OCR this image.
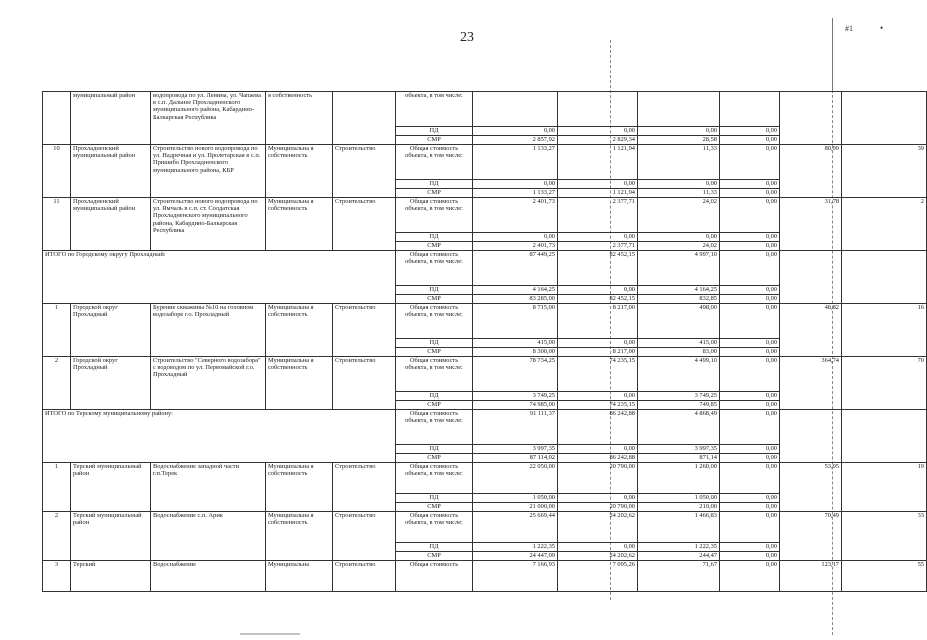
23
#1	•
	муниципальный район	водопровода по ул. Ленина, ул. Чапаева в с.п. Дальнее Прохладненского муниципального района, Кабардино-Балкарская Республика	я собственность		объекта, в том числе:						
					ПД	0,00	0,00	0,00	0,00		
					СМР	2 857,92	2 829,34	28,58	0,00		
10	Прохладненский муниципальный район	Строительство нового водопровода по ул. Надречная и ул. Пролетарская в с.п. Пришибо Прохладненского муниципального района, КБР	Муниципальна я собственность	Строительство	Общая стоимость объекта, в том числе:	1 133,27	1 121,94	11,33	0,00	80,99	39
					ПД	0,00	0,00	0,00	0,00		
					СМР	1 133,27	1 121,94	11,33	0,00		
11	Прохладненский муниципальный район	Строительство нового водопровода по ул. Ямчаль в с.п. ст. Солдатская Прохладненского муниципального района, Кабардино-Балкарская Республика	Муниципальна я собственность	Строительство	Общая стоимость объекта, в том числе:	2 401,73	2 377,71	24,02	0,00	31,78	2
					ПД	0,00	0,00	0,00	0,00		
					СМР	2 401,73	2 377,71	24,02	0,00		
ИТОГО по Городскому округу Прохладный:					Общая стоимость объекта, в том числе:	87 449,25	82 452,15	4 997,10	0,00		
					ПД	4 164,25	0,00	4 164,25	0,00		
					СМР	83 285,00	82 452,15	832,85	0,00		
1	Городской округ Прохладный	Бурение скважины №10 на головном водозаборе г.о. Прохладный	Муниципальна я собственность	Строительство	Общая стоимость объекта, в том числе:	8 715,00	8 217,00	498,00	0,00	48,82	16
					ПД	415,00	0,00	415,00	0,00		
					СМР	8 300,00	8 217,00	83,00	0,00		
2	Городской округ Прохладный	Строительство "Северного водозабора" с водоводом по ул. Первомайской г.о. Прохладный	Муниципальна я собственность	Строительство	Общая стоимость объекта, в том числе:	78 734,25	74 235,15	4 499,10	0,00	364,74	70
					ПД	3 749,25	0,00	3 749,25	0,00		
					СМР	74 985,00	74 235,15	749,85	0,00		
ИТОГО по Терскому муниципальному району:					Общая стоимость объекта, в том числе:	91 111,37	86 242,88	4 868,49	0,00		
					ПД	3 997,35	0,00	3 997,35	0,00		
					СМР	87 114,02	86 242,88	871,14	0,00		
1	Терский муниципальный район	Водоснабжение западной части г.п.Терек	Муниципальна я собственность	Строительство	Общая стоимость объекта, в том числе:	22 050,00	20 790,00	1 260,00	0,00	53,95	19
					ПД	1 050,00	0,00	1 050,00	0,00		
					СМР	21 000,00	20 790,00	210,00	0,00		
2	Терский муниципальный район	Водоснабжение с.п. Арик	Муниципальна я собственность	Строительство	Общая стоимость объекта, в том числе:	25 669,44	24 202,62	1 466,83	0,00	70,49	33
					ПД	1 222,35	0,00	1 222,35	0,00		
					СМР	24 447,09	24 202,62	244,47	0,00		
3	Терский	Водоснабжение	Муниципальна	Строительство	Общая стоимость	7 166,93	7 095,26	71,67	0,00	123,17	55
